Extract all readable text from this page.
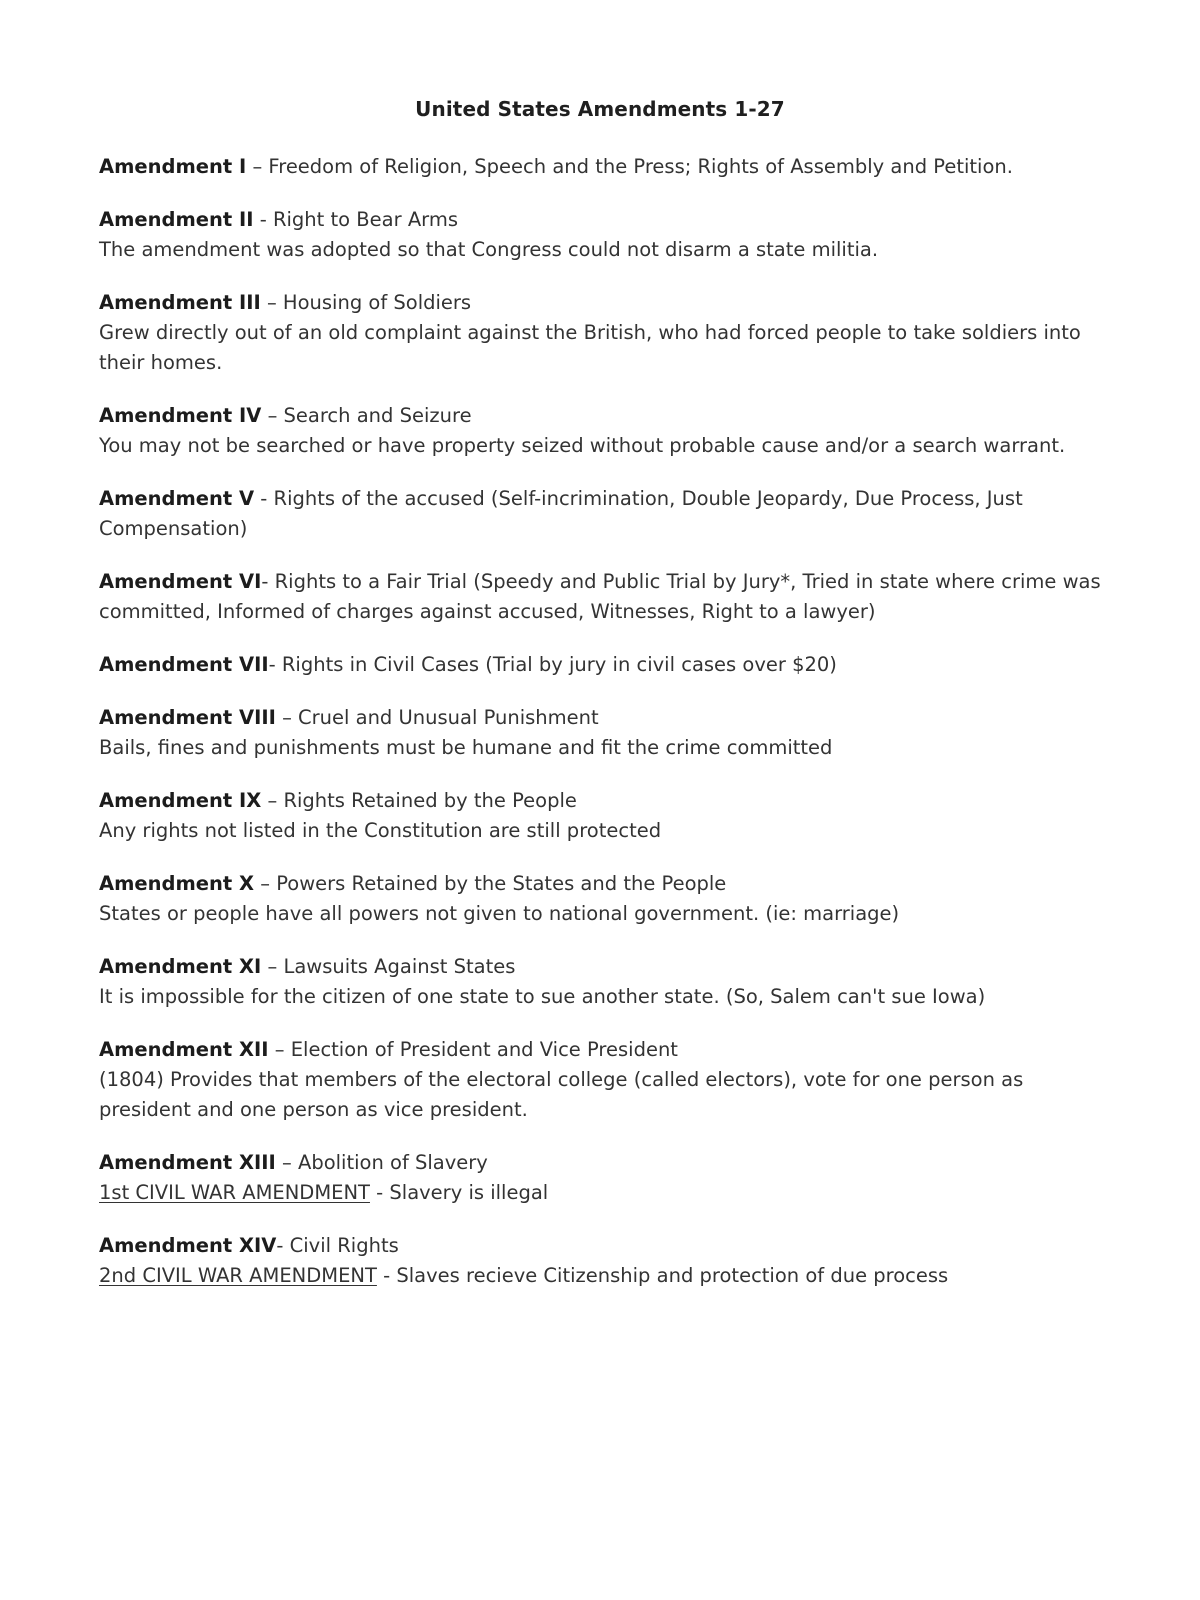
United States Amendments 1-27
Amendment I – Freedom of Religion, Speech and the Press; Rights of Assembly and Petition.
Amendment II - Right to Bear Arms
The amendment was adopted so that Congress could not disarm a state militia.
Amendment III – Housing of Soldiers
Grew directly out of an old complaint against the British, who had forced people to take soldiers into their homes.
Amendment IV – Search and Seizure
You may not be searched or have property seized without probable cause and/or a search warrant.
Amendment V - Rights of the accused (Self-incrimination, Double Jeopardy, Due Process, Just Compensation)
Amendment VI- Rights to a Fair Trial (Speedy and Public Trial by Jury*, Tried in state where crime was committed, Informed of charges against accused, Witnesses, Right to a lawyer)
Amendment VII- Rights in Civil Cases (Trial by jury in civil cases over $20)
Amendment VIII – Cruel and Unusual Punishment
Bails, fines and punishments must be humane and fit the crime committed
Amendment IX – Rights Retained by the People
Any rights not listed in the Constitution are still protected
Amendment X – Powers Retained by the States and the People
States or people have all powers not given to national government. (ie: marriage)
Amendment XI – Lawsuits Against States
It is impossible for the citizen of one state to sue another state. (So, Salem can't sue Iowa)
Amendment XII – Election of President and Vice President
(1804) Provides that members of the electoral college (called electors), vote for one person as president and one person as vice president.
Amendment XIII – Abolition of Slavery
1st CIVIL WAR AMENDMENT - Slavery is illegal
Amendment XIV- Civil Rights
2nd CIVIL WAR AMENDMENT - Slaves recieve Citizenship and protection of due process
